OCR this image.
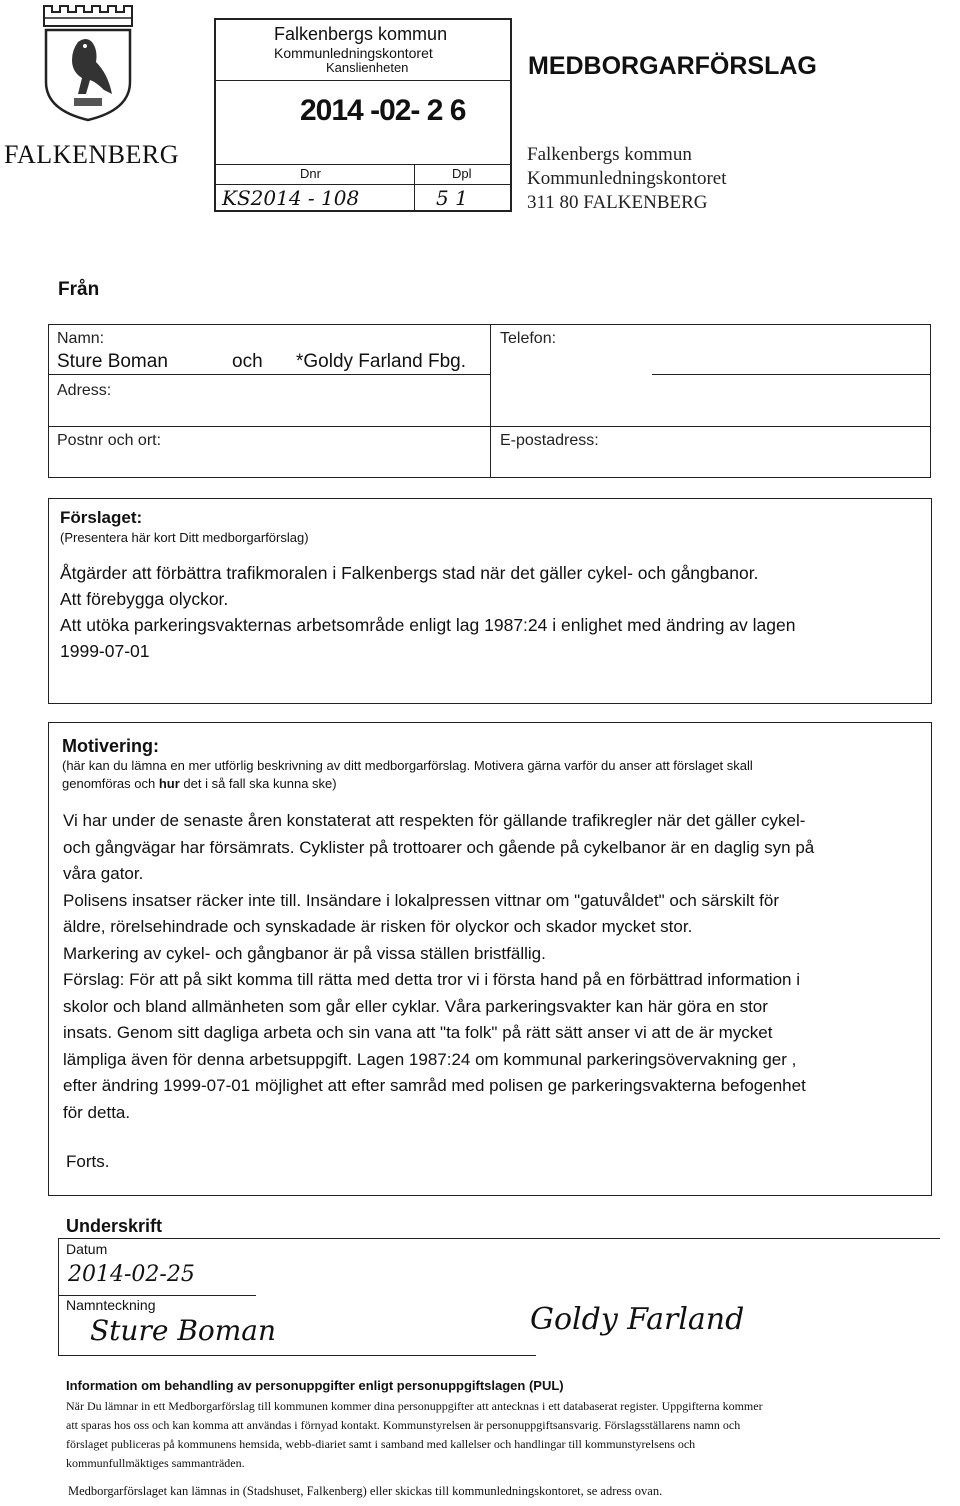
FALKENBERG
Falkenbergs kommun
Kommunledningskontoret
Kanslienheten
2014 -02- 2 6
Dnr	Dpl
KS2014 - 108	5 1
MEDBORGARFÖRSLAG
Falkenbergs kommun
Kommunledningskontoret
311 80 FALKENBERG
Från
Namn:
Sture Boman	och *Goldy Farland Fbg.
Adress:
Telefon:
Postnr och ort:	E-postadress:
Förslaget:
(Presentera här kort Ditt medborgarförslag)
Åtgärder att förbättra trafikmoralen i Falkenbergs stad när det gäller cykel- och gångbanor.
Att förebygga olyckor.
Att utöka parkeringsvakternas arbetsområde enligt lag 1987:24 i enlighet med ändring av lagen
1999-07-01
Motivering:
(här kan du lämna en mer utförlig beskrivning av ditt medborgarförslag. Motivera gärna varför du anser att förslaget skall
genomföras och hur det i så fall ska kunna ske)
Vi har under de senaste åren konstaterat att respekten för gällande trafikregler när det gäller cykel-
och gångvägar har försämrats. Cyklister på trottoarer och gående på cykelbanor är en daglig syn på
våra gator.
Polisens insatser räcker inte till. Insändare i lokalpressen vittnar om "gatuvåldet" och särskilt för
äldre, rörelsehindrade och synskadade är risken för olyckor och skador mycket stor.
Markering av cykel- och gångbanor är på vissa ställen bristfällig.
Förslag: För att på sikt komma till rätta med detta tror vi i första hand på en förbättrad information i
skolor och bland allmänheten som går eller cyklar. Våra parkeringsvakter kan här göra en stor
insats. Genom sitt dagliga arbeta och sin vana att "ta folk" på rätt sätt anser vi att de är mycket
lämpliga även för denna arbetsuppgift. Lagen 1987:24 om kommunal parkeringsövervakning ger ,
efter ändring 1999-07-01 möjlighet att efter samråd med polisen ge parkeringsvakterna befogenhet
för detta.
Forts.
Underskrift
Datum
2014-02-25
Namnteckning
Sture Boman	Goldy Farland
Information om behandling av personuppgifter enligt personuppgiftslagen (PUL)
När Du lämnar in ett Medborgarförslag till kommunen kommer dina personuppgifter att antecknas i ett databaserat register. Uppgifterna kommer
att sparas hos oss och kan komma att användas i förnyad kontakt. Kommunstyrelsen är personuppgiftsansvarig. Förslagsställarens namn och
förslaget publiceras på kommunens hemsida, webb-diariet samt i samband med kallelser och handlingar till kommunstyrelsens och
kommunfullmäktiges sammanträden.
Medborgarförslaget kan lämnas in (Stadshuset, Falkenberg) eller skickas till kommunledningskontoret, se adress ovan.
